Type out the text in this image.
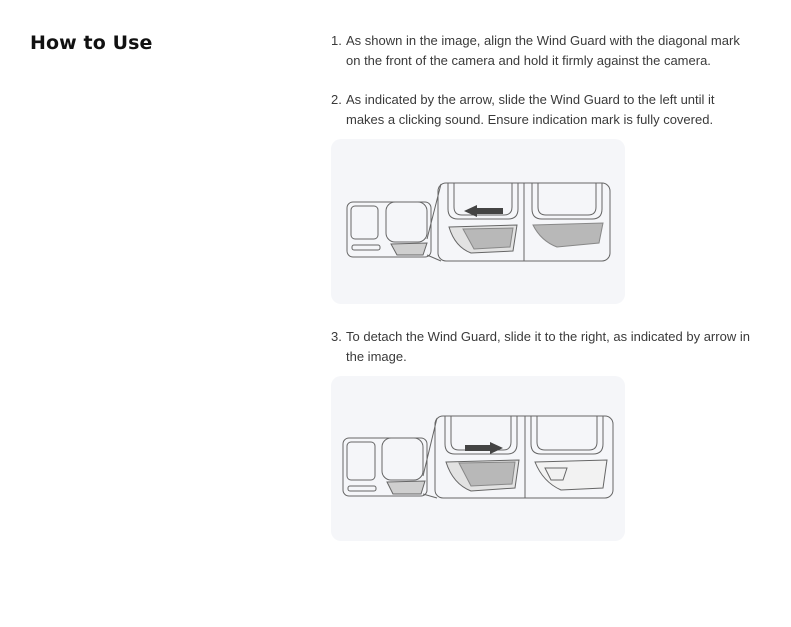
How to Use	1. As shown in the image, align the Wind Guard with the diagonal mark on the front of the camera and hold it firmly against the camera.
2. As indicated by the arrow, slide the Wind Guard to the left until it makes a clicking sound. Ensure indication mark is fully covered.
3. To detach the Wind Guard, slide it to the right, as indicated by arrow in the image.
